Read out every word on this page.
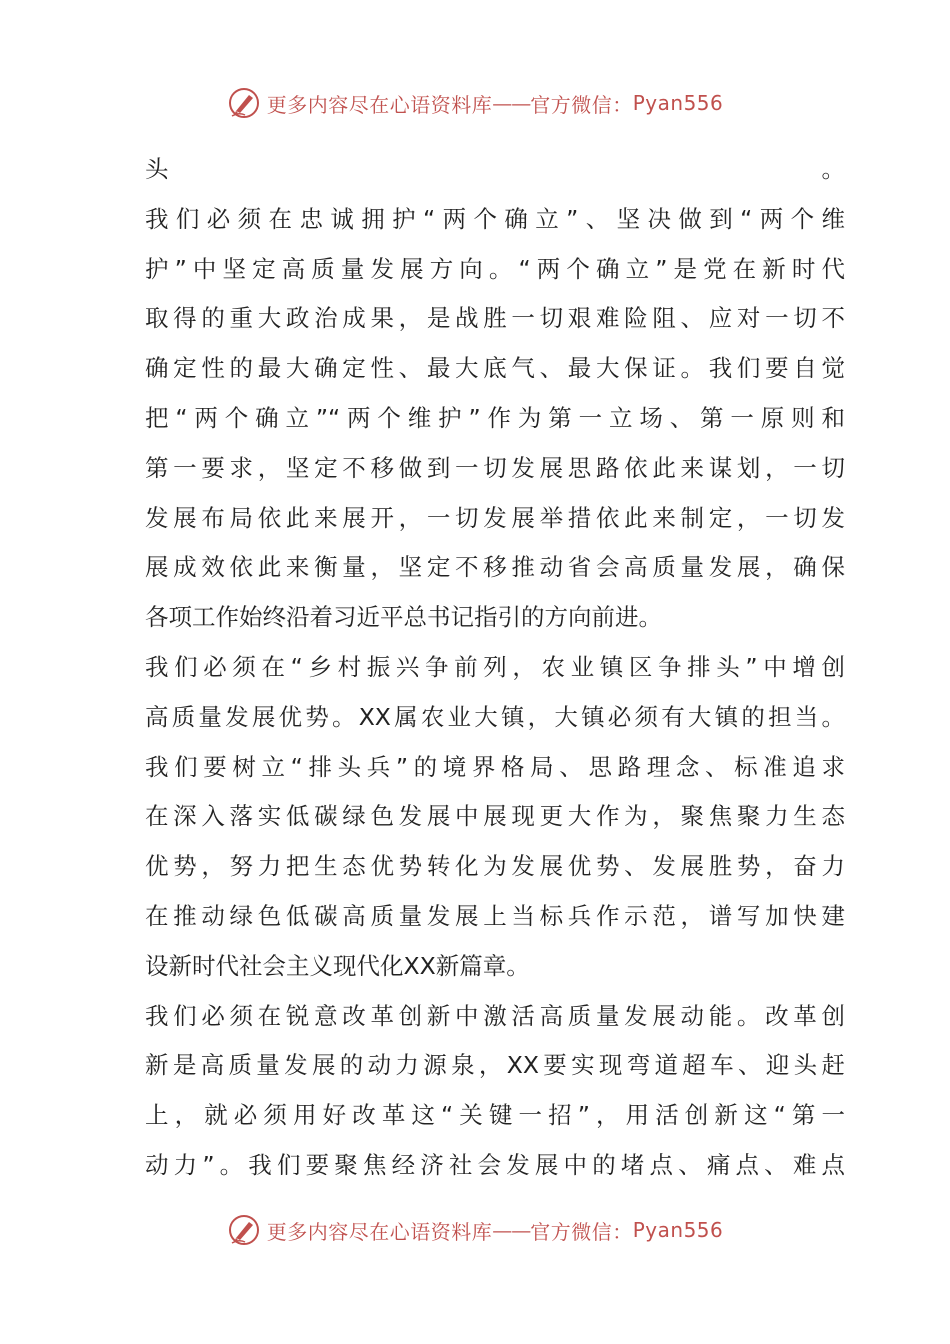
更多内容尽在心语资料库 —— 官方微信： Pyan556
头。
我们必须在忠诚拥护“两个确立”、坚决做到“两个维
护”中坚定高质量发展方向。“两个确立”是党在新时代
取得的重大政治成果，是战胜一切艰难险阻、应对一切不
确定性的最大确定性、最大底气、最大保证。我们要自觉
把“两个确立”“两个维护”作为第一立场、第一原则和
第一要求，坚定不移做到一切发展思路依此来谋划，一切
发展布局依此来展开，一切发展举措依此来制定，一切发
展成效依此来衡量，坚定不移推动省会高质量发展，确保
各项工作始终沿着习近平总书记指引的方向前进。
我们必须在“乡村振兴争前列，农业镇区争排头”中增创
高质量发展优势。XX属农业大镇，大镇必须有大镇的担当。
我们要树立“排头兵”的境界格局、思路理念、标准追求
在深入落实低碳绿色发展中展现更大作为，聚焦聚力生态
优势，努力把生态优势转化为发展优势、发展胜势，奋力
在推动绿色低碳高质量发展上当标兵作示范，谱写加快建
设新时代社会主义现代化XX新篇章。
我们必须在锐意改革创新中激活高质量发展动能。改革创
新是高质量发展的动力源泉，XX要实现弯道超车、迎头赶
上，就必须用好改革这“关键一招”，用活创新这“第一
动力”。我们要聚焦经济社会发展中的堵点、痛点、难点
更多内容尽在心语资料库 —— 官方微信： Pyan556
